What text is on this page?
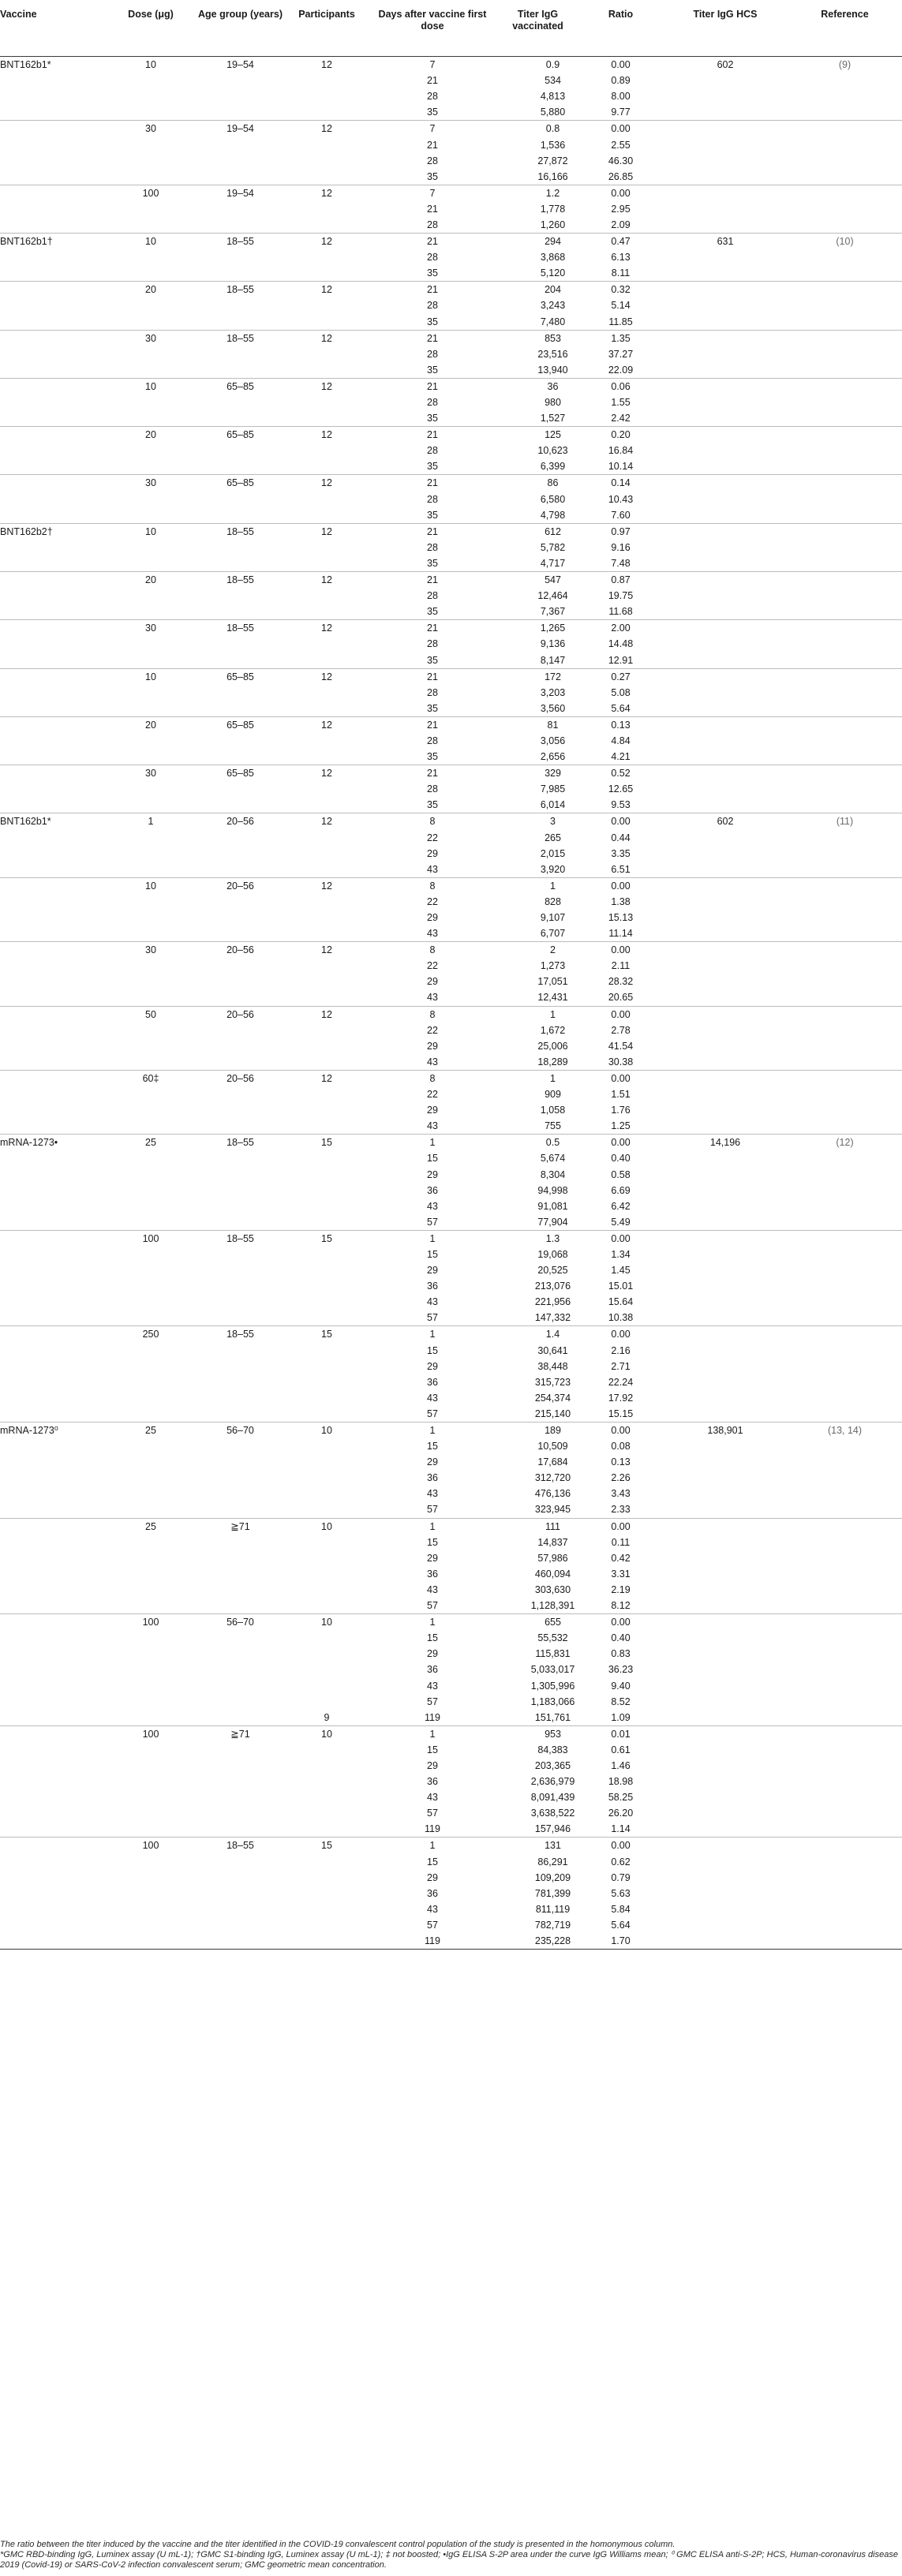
Vaccine	Dose (μg)	Age group (years)	Participants	Days after vaccine first dose	Titer IgG vaccinated	Ratio	Titer IgG HCS	Reference
BNT162b1*	10	19–54	12	7	0.9	0.00	602	(9)
				21	534	0.89		
				28	4,813	8.00		
				35	5,880	9.77		
	30	19–54	12	7	0.8	0.00		
				21	1,536	2.55		
				28	27,872	46.30		
				35	16,166	26.85		
	100	19–54	12	7	1.2	0.00		
				21	1,778	2.95		
				28	1,260	2.09		
BNT162b1†	10	18–55	12	21	294	0.47	631	(10)
				28	3,868	6.13		
				35	5,120	8.11		
	20	18–55	12	21	204	0.32		
				28	3,243	5.14		
				35	7,480	11.85		
	30	18–55	12	21	853	1.35		
				28	23,516	37.27		
				35	13,940	22.09		
	10	65–85	12	21	36	0.06		
				28	980	1.55		
				35	1,527	2.42		
	20	65–85	12	21	125	0.20		
				28	10,623	16.84		
				35	6,399	10.14		
	30	65–85	12	21	86	0.14		
				28	6,580	10.43		
				35	4,798	7.60		
BNT162b2†	10	18–55	12	21	612	0.97		
				28	5,782	9.16		
				35	4,717	7.48		
	20	18–55	12	21	547	0.87		
				28	12,464	19.75		
				35	7,367	11.68		
	30	18–55	12	21	1,265	2.00		
				28	9,136	14.48		
				35	8,147	12.91		
	10	65–85	12	21	172	0.27		
				28	3,203	5.08		
				35	3,560	5.64		
	20	65–85	12	21	81	0.13		
				28	3,056	4.84		
				35	2,656	4.21		
	30	65–85	12	21	329	0.52		
				28	7,985	12.65		
				35	6,014	9.53		
BNT162b1*	1	20–56	12	8	3	0.00	602	(11)
				22	265	0.44		
				29	2,015	3.35		
				43	3,920	6.51		
	10	20–56	12	8	1	0.00		
				22	828	1.38		
				29	9,107	15.13		
				43	6,707	11.14		
	30	20–56	12	8	2	0.00		
				22	1,273	2.11		
				29	17,051	28.32		
				43	12,431	20.65		
	50	20–56	12	8	1	0.00		
				22	1,672	2.78		
				29	25,006	41.54		
				43	18,289	30.38		
	60‡	20–56	12	8	1	0.00		
				22	909	1.51		
				29	1,058	1.76		
				43	755	1.25		
mRNA-1273•	25	18–55	15	1	0.5	0.00	14,196	(12)
				15	5,674	0.40		
				29	8,304	0.58		
				36	94,998	6.69		
				43	91,081	6.42		
				57	77,904	5.49		
	100	18–55	15	1	1.3	0.00		
				15	19,068	1.34		
				29	20,525	1.45		
				36	213,076	15.01		
				43	221,956	15.64		
				57	147,332	10.38		
	250	18–55	15	1	1.4	0.00		
				15	30,641	2.16		
				29	38,448	2.71		
				36	315,723	22.24		
				43	254,374	17.92		
				57	215,140	15.15		
mRNA-1273⁰	25	56–70	10	1	189	0.00	138,901	(13, 14)
				15	10,509	0.08		
				29	17,684	0.13		
				36	312,720	2.26		
				43	476,136	3.43		
				57	323,945	2.33		
	25	≧71	10	1	111	0.00		
				15	14,837	0.11		
				29	57,986	0.42		
				36	460,094	3.31		
				43	303,630	2.19		
				57	1,128,391	8.12		
	100	56–70	10	1	655	0.00		
				15	55,532	0.40		
				29	115,831	0.83		
				36	5,033,017	36.23		
				43	1,305,996	9.40		
				57	1,183,066	8.52		
			9	119	151,761	1.09		
	100	≧71	10	1	953	0.01		
				15	84,383	0.61		
				29	203,365	1.46		
				36	2,636,979	18.98		
				43	8,091,439	58.25		
				57	3,638,522	26.20		
				119	157,946	1.14		
	100	18–55	15	1	131	0.00		
				15	86,291	0.62		
				29	109,209	0.79		
				36	781,399	5.63		
				43	811,119	5.84		
				57	782,719	5.64		
				119	235,228	1.70		

The ratio between the titer induced by the vaccine and the titer identified in the COVID-19 convalescent control population of the study is presented in the homonymous column.

*GMC RBD-binding IgG, Luminex assay (U mL-1); †GMC S1-binding IgG, Luminex assay (U mL-1); ‡ not boosted; •IgG ELISA S-2P area under the curve IgG Williams mean; ⁰ GMC ELISA anti-S-2P; HCS, Human-coronavirus disease 2019 (Covid-19) or SARS-CoV-2 infection convalescent serum; GMC geometric mean concentration.
